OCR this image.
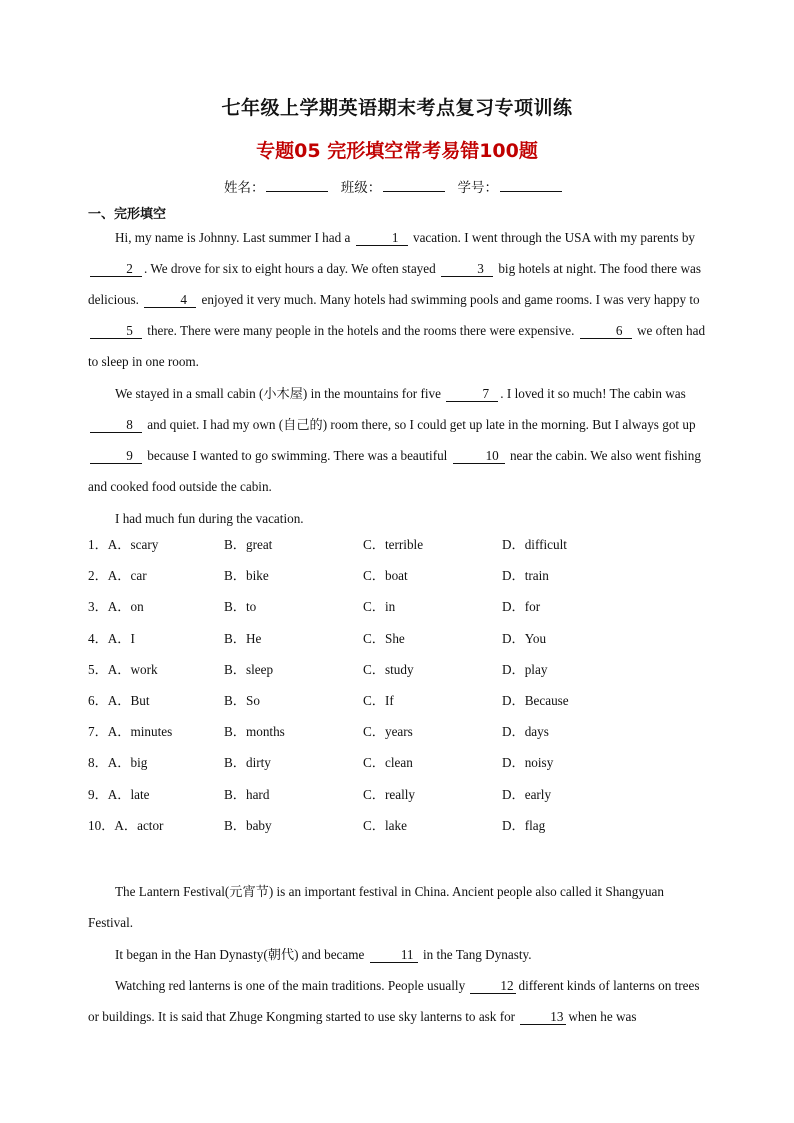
七年级上学期英语期末考点复习专项训练
专题05 完形填空常考易错100题
姓名：	班级：	学号：
一、完形填空
Hi, my name is Johnny. Last summer I had a	1 vacation. I went through the USA with my parents by 2 . We drove for six to eight hours a day. We often stayed	3 big hotels at night. The food there was delicious.	4 enjoyed it very much. Many hotels had swimming pools and game rooms. I was very happy to 5 there. There were many people in the hotels and the rooms there were expensive.	6 we often had to sleep in one room.
We stayed in a small cabin (小木屋) in the mountains for five	7 . I loved it so much! The cabin was 8 and quiet. I had my own (自己的) room there, so I could get up late in the morning. But I always got up 9 because I wanted to go swimming. There was a beautiful	10 near the cabin. We also went fishing and cooked food outside the cabin.
I had much fun during the vacation.
1．A．scary	B．great	C．terrible	D．difficult
2．A．car	B．bike	C．boat	D．train
3．A．on	B．to	C．in	D．for
4．A．I	B．He	C．She	D．You
5．A．work	B．sleep	C．study	D．play
6．A．But	B．So	C．If	D．Because
7．A．minutes	B．months	C．years	D．days
8．A．big	B．dirty	C．clean	D．noisy
9．A．late	B．hard	C．really	D．early
10．A．actor	B．baby	C．lake	D．flag
The Lantern Festival(元宵节) is an important festival in China. Ancient people also called it Shangyuan Festival.
It began in the Han Dynasty(朝代) and became	11 in the Tang Dynasty.
Watching red lanterns is one of the main traditions. People usually	12 different kinds of lanterns on trees or buildings. It is said that Zhuge Kongming started to use sky lanterns to ask for	13 when he was
